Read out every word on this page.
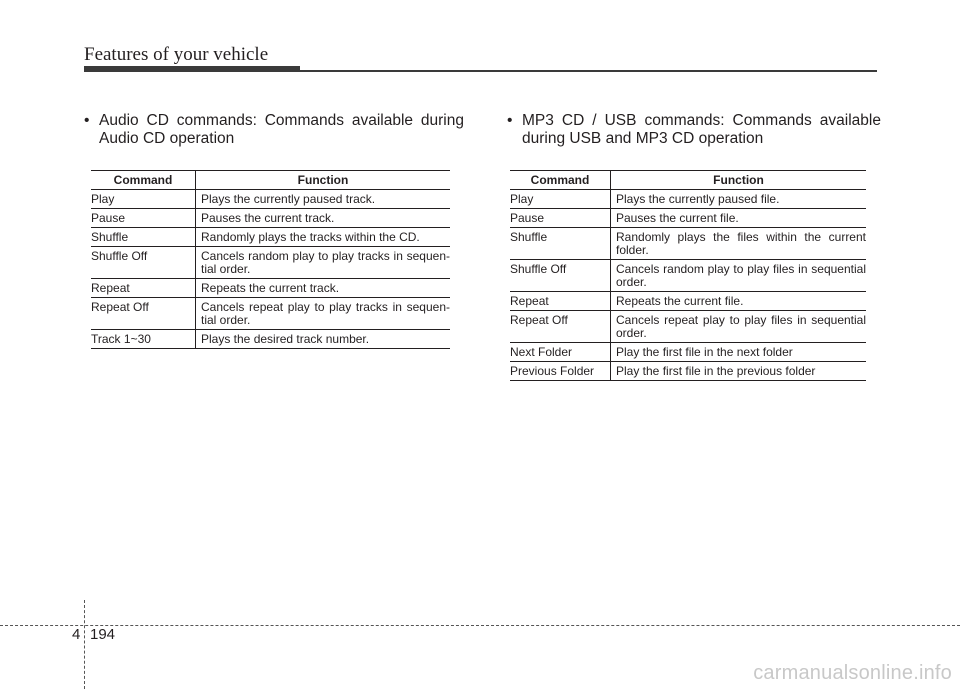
Features of your vehicle

• Audio CD commands: Commands available during Audio CD operation

Command	Function
Play	Plays the currently paused track.
Pause	Pauses the current track.
Shuffle	Randomly plays the tracks within the CD.
Shuffle Off	Cancels random play to play tracks in sequen-tial order.
Repeat	Repeats the current track.
Repeat Off	Cancels repeat play to play tracks in sequen-tial order.
Track 1~30	Plays the desired track number.

• MP3 CD / USB commands: Commands available during USB and MP3 CD operation

Command	Function
Play	Plays the currently paused file.
Pause	Pauses the current file.
Shuffle	Randomly plays the files within the current folder.
Shuffle Off	Cancels random play to play files in sequential order.
Repeat	Repeats the current file.
Repeat Off	Cancels repeat play to play files in sequential order.
Next Folder	Play the first file in the next folder
Previous Folder	Play the first file in the previous folder
4 194
carmanualsonline.info
